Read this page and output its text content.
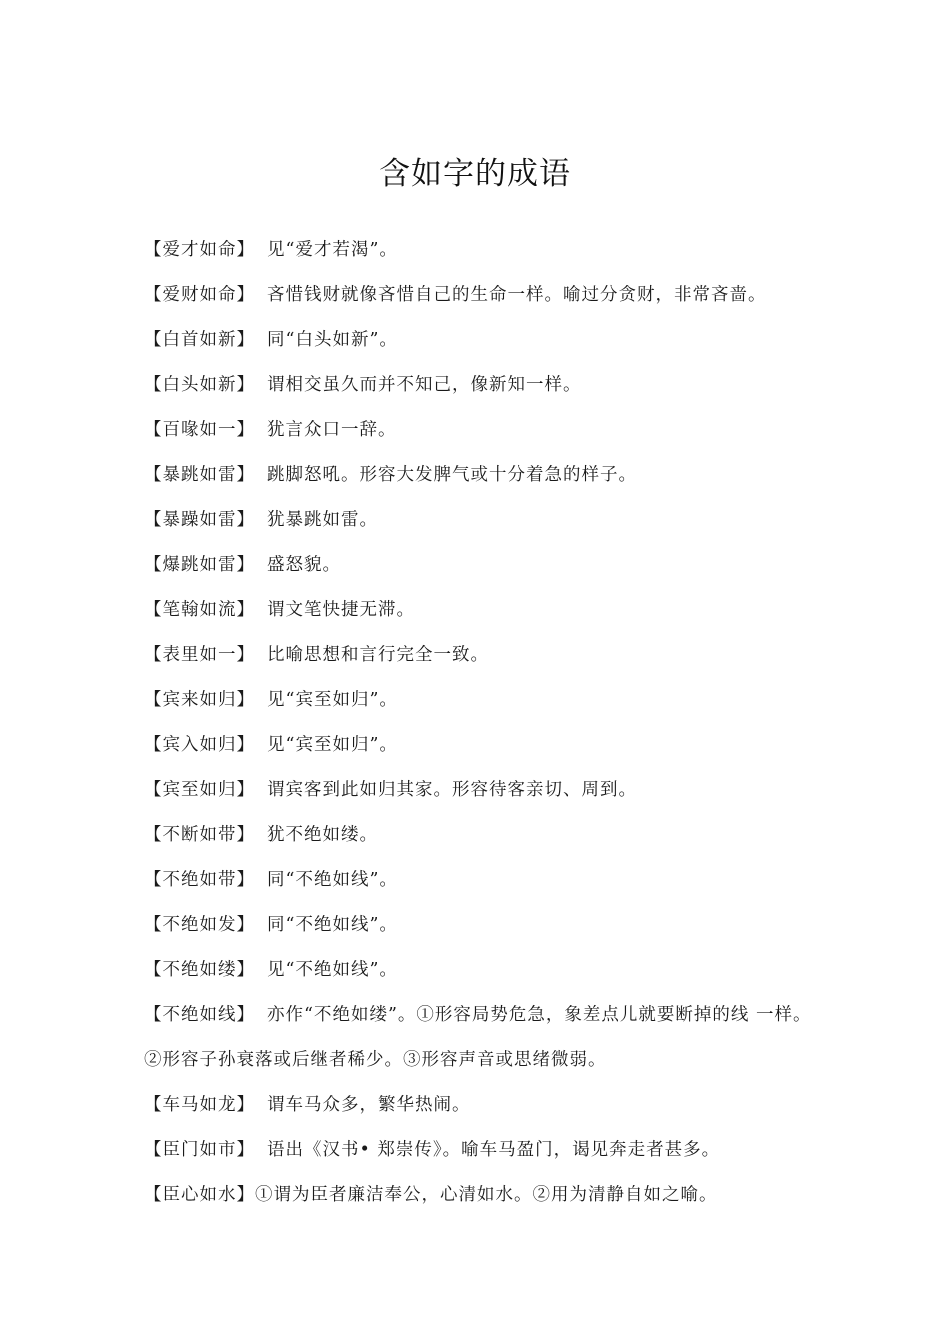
含如字的成语
【爱才如命】 见“爱才若渴”。
【爱财如命】 吝惜钱财就像吝惜自己的生命一样。喻过分贪财，非常吝啬。
【白首如新】 同“白头如新”。
【白头如新】 谓相交虽久而并不知己，像新知一样。
【百喙如一】 犹言众口一辞。
【暴跳如雷】 跳脚怒吼。形容大发脾气或十分着急的样子。
【暴躁如雷】 犹暴跳如雷。
【爆跳如雷】 盛怒貌。
【笔翰如流】 谓文笔快捷无滞。
【表里如一】 比喻思想和言行完全一致。
【宾来如归】 见“宾至如归”。
【宾入如归】 见“宾至如归”。
【宾至如归】 谓宾客到此如归其家。形容待客亲切、周到。
【不断如带】 犹不绝如缕。
【不绝如带】 同“不绝如线”。
【不绝如发】 同“不绝如线”。
【不绝如缕】 见“不绝如线”。
【不绝如线】 亦作“不绝如缕”。①形容局势危急，象差点儿就要断掉的线 一样。②形容子孙衰落或后继者稀少。③形容声音或思绪微弱。
【车马如龙】 谓车马众多，繁华热闹。
【臣门如市】 语出《汉书• 郑崇传》。喻车马盈门，谒见奔走者甚多。
【臣心如水】①谓为臣者廉洁奉公，心清如水。②用为清静自如之喻。
